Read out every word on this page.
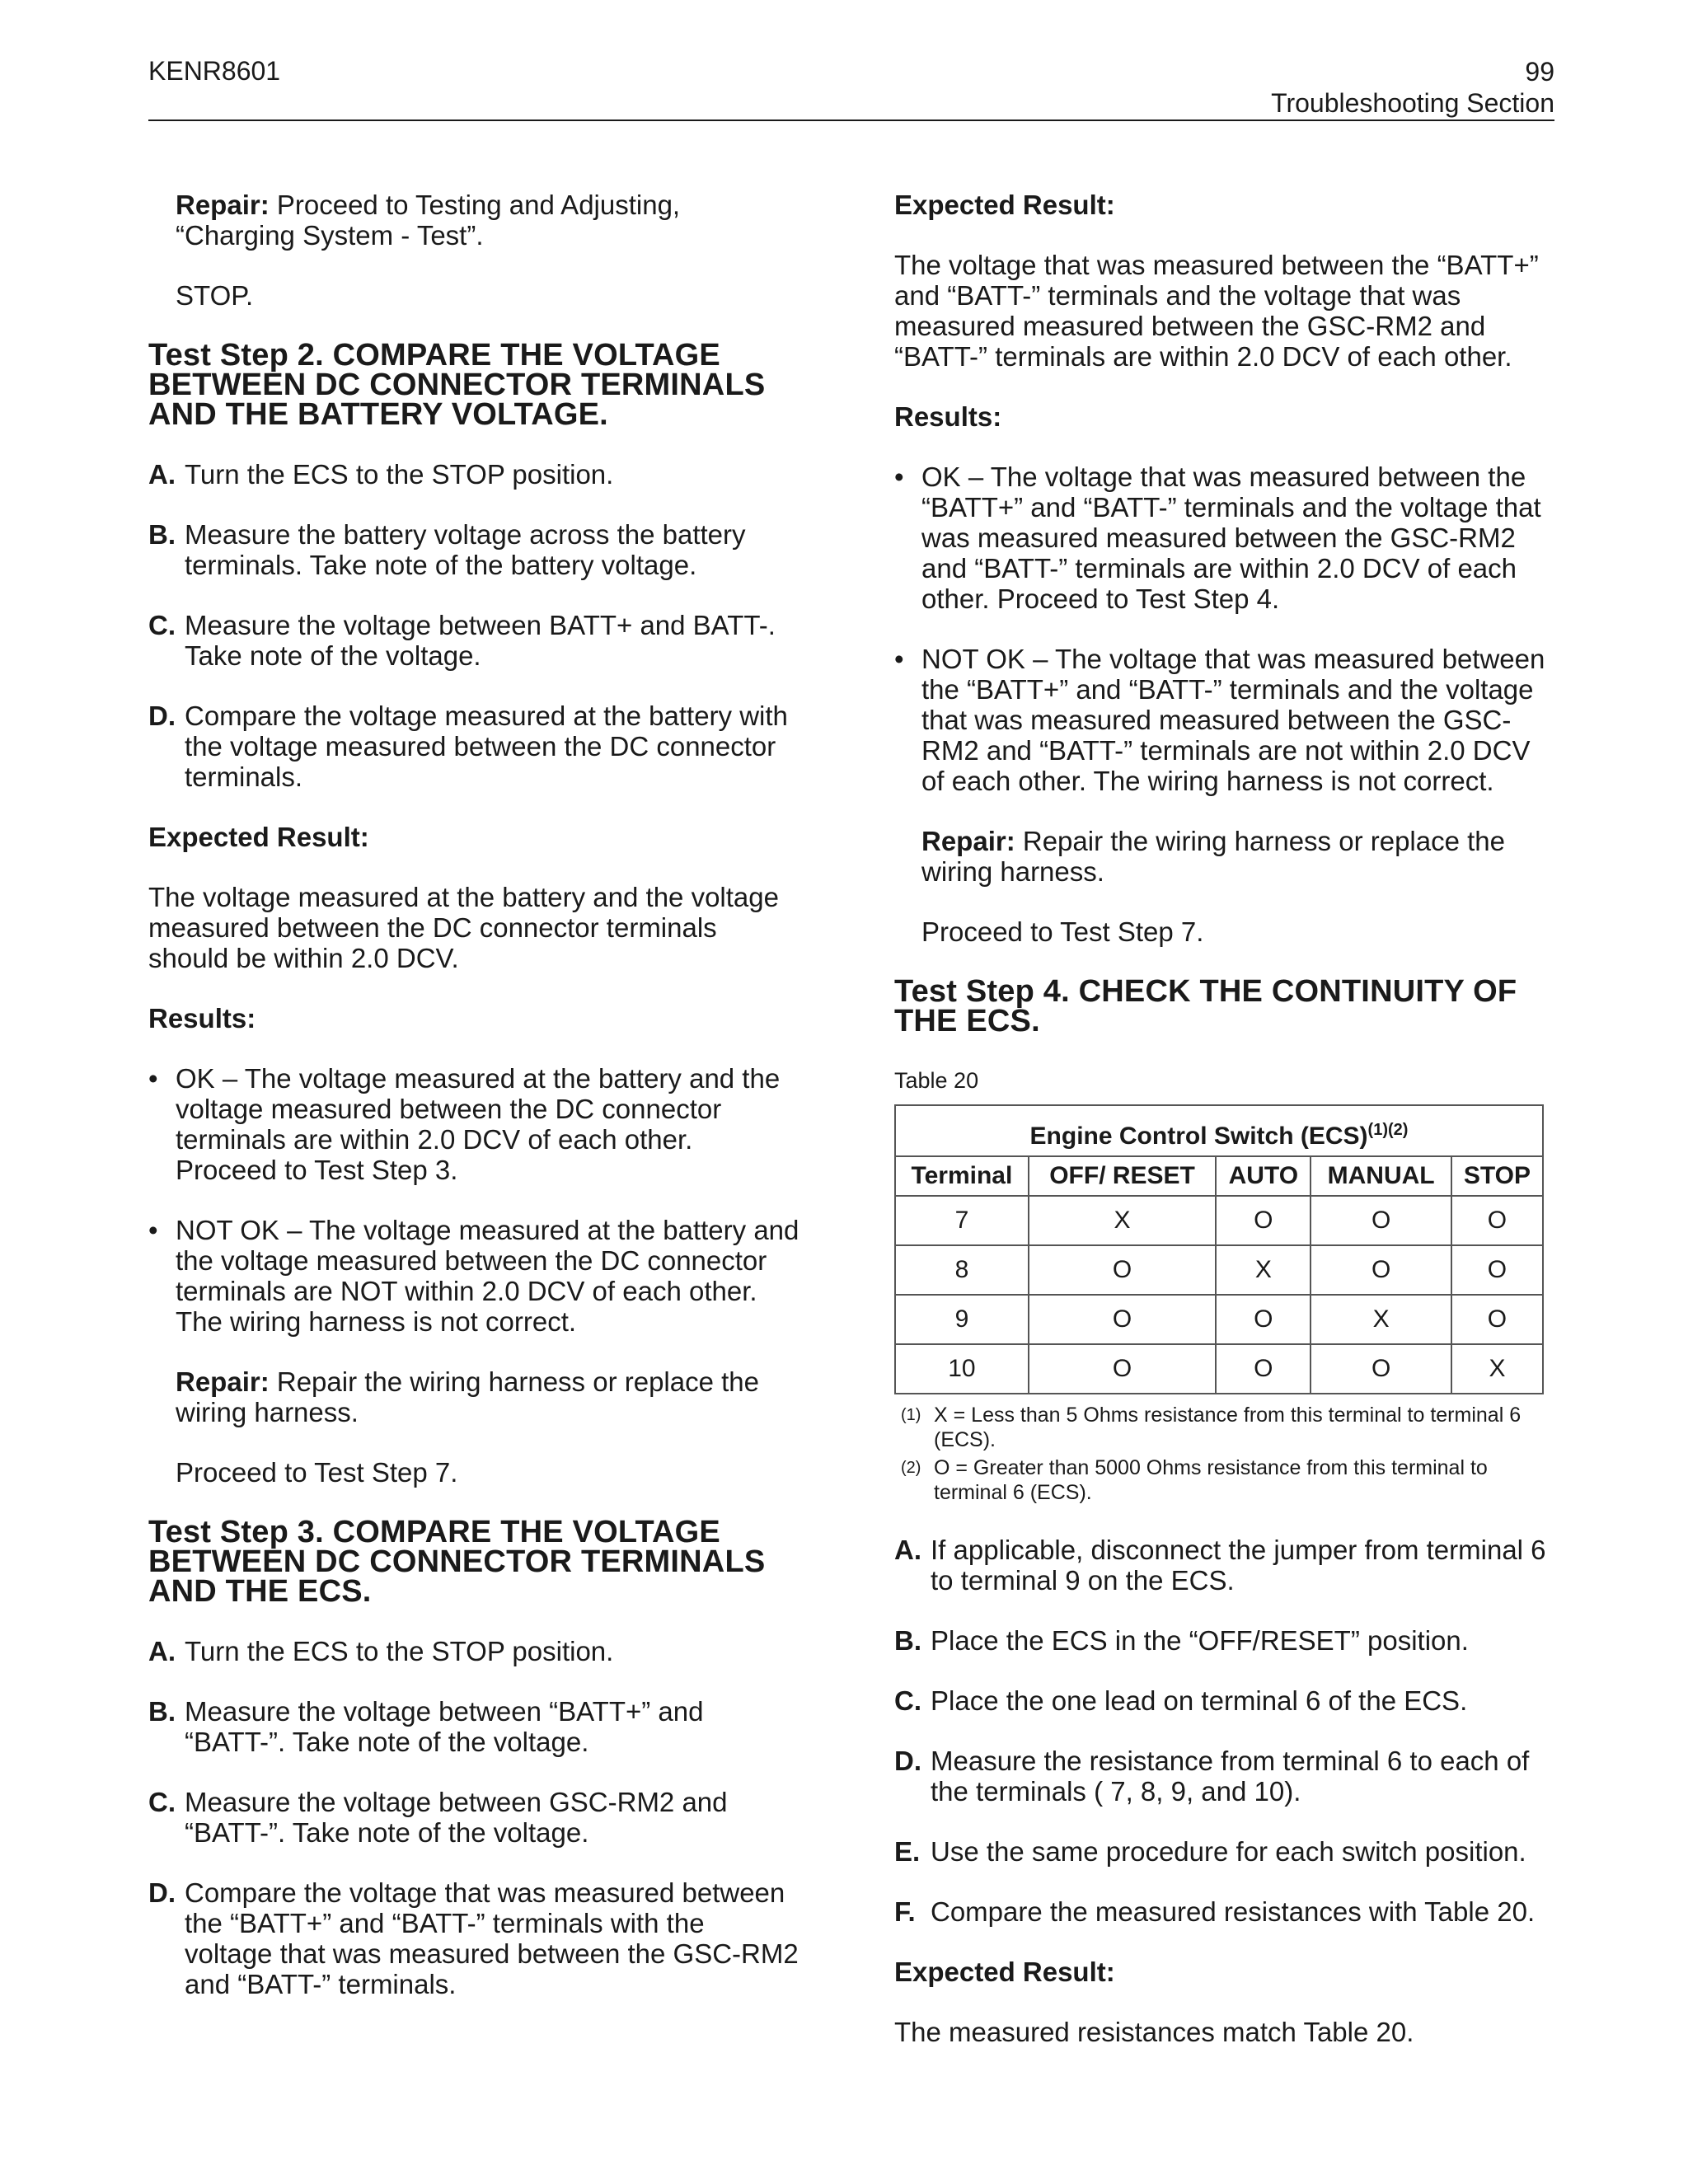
KENR8601	99
Troubleshooting Section

Repair: Proceed to Testing and Adjusting, “Charging System - Test”.

STOP.

Test Step 2. COMPARE THE VOLTAGE BETWEEN DC CONNECTOR TERMINALS AND THE BATTERY VOLTAGE.
A. Turn the ECS to the STOP position.
B. Measure the battery voltage across the battery terminals. Take note of the battery voltage.
C. Measure the voltage between BATT+ and BATT-. Take note of the voltage.
D. Compare the voltage measured at the battery with the voltage measured between the DC connector terminals.

Expected Result:

The voltage measured at the battery and the voltage measured between the DC connector terminals should be within 2.0 DCV.

Results:

• OK – The voltage measured at the battery and the voltage measured between the DC connector terminals are within 2.0 DCV of each other. Proceed to Test Step 3.
• NOT OK – The voltage measured at the battery and the voltage measured between the DC connector terminals are NOT within 2.0 DCV of each other. The wiring harness is not correct.

Repair: Repair the wiring harness or replace the wiring harness.

Proceed to Test Step 7.

Test Step 3. COMPARE THE VOLTAGE BETWEEN DC CONNECTOR TERMINALS AND THE ECS.
A. Turn the ECS to the STOP position.
B. Measure the voltage between “BATT+” and “BATT-”. Take note of the voltage.
C. Measure the voltage between GSC-RM2 and “BATT-”. Take note of the voltage.
D. Compare the voltage that was measured between the “BATT+” and “BATT-” terminals with the voltage that was measured between the GSC-RM2 and “BATT-” terminals.

Expected Result:

The voltage that was measured between the “BATT+” and “BATT-” terminals and the voltage that was measured measured between the GSC-RM2 and “BATT-” terminals are within 2.0 DCV of each other.

Results:

• OK – The voltage that was measured between the “BATT+” and “BATT-” terminals and the voltage that was measured measured between the GSC-RM2 and “BATT-” terminals are within 2.0 DCV of each other. Proceed to Test Step 4.
• NOT OK – The voltage that was measured between the “BATT+” and “BATT-” terminals and the voltage that was measured measured between the GSC-RM2 and “BATT-” terminals are not within 2.0 DCV of each other. The wiring harness is not correct.

Repair: Repair the wiring harness or replace the wiring harness.

Proceed to Test Step 7.

Test Step 4. CHECK THE CONTINUITY OF THE ECS.
Table 20
Engine Control Switch (ECS)$^{(1)(2)}$
Terminal	OFF/ RESET	AUTO	MANUAL	STOP
7	X	O	O	O
8	O	X	O	O
9	O	O	X	O
10	O	O	O	X
(1) X = Less than 5 Ohms resistance from this terminal to terminal 6 (ECS).
(2) O = Greater than 5000 Ohms resistance from this terminal to terminal 6 (ECS).
A. If applicable, disconnect the jumper from terminal 6 to terminal 9 on the ECS.
B. Place the ECS in the “OFF/RESET” position.
C. Place the one lead on terminal 6 of the ECS.
D. Measure the resistance from terminal 6 to each of the terminals ( 7, 8, 9, and 10).
E. Use the same procedure for each switch position.
F. Compare the measured resistances with Table 20.

Expected Result:

The measured resistances match Table 20.
